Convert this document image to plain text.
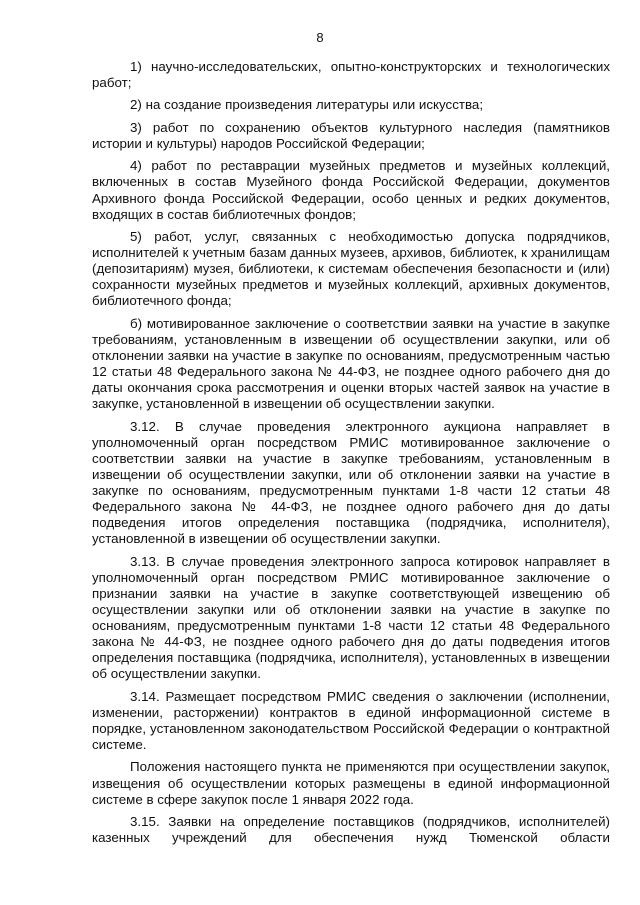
8

1) научно-исследовательских, опытно-конструкторских и технологических работ;

2) на создание произведения литературы или искусства;

3) работ по сохранению объектов культурного наследия (памятников истории и культуры) народов Российской Федерации;

4) работ по реставрации музейных предметов и музейных коллекций, включенных в состав Музейного фонда Российской Федерации, документов Архивного фонда Российской Федерации, особо ценных и редких документов, входящих в состав библиотечных фондов;

5) работ, услуг, связанных с необходимостью допуска подрядчиков, исполнителей к учетным базам данных музеев, архивов, библиотек, к хранилищам (депозитариям) музея, библиотеки, к системам обеспечения безопасности и (или) сохранности музейных предметов и музейных коллекций, архивных документов, библиотечного фонда;

б) мотивированное заключение о соответствии заявки на участие в закупке требованиям, установленным в извещении об осуществлении закупки, или об отклонении заявки на участие в закупке по основаниям, предусмотренным частью 12 статьи 48 Федерального закона № 44-ФЗ, не позднее одного рабочего дня до даты окончания срока рассмотрения и оценки вторых частей заявок на участие в закупке, установленной в извещении об осуществлении закупки.

3.12. В случае проведения электронного аукциона направляет в уполномоченный орган посредством РМИС мотивированное заключение о соответствии заявки на участие в закупке требованиям, установленным в извещении об осуществлении закупки, или об отклонении заявки на участие в закупке по основаниям, предусмотренным пунктами 1-8 части 12 статьи 48 Федерального закона № 44-ФЗ, не позднее одного рабочего дня до даты подведения итогов определения поставщика (подрядчика, исполнителя), установленной в извещении об осуществлении закупки.

3.13. В случае проведения электронного запроса котировок направляет в уполномоченный орган посредством РМИС мотивированное заключение о признании заявки на участие в закупке соответствующей извещению об осуществлении закупки или об отклонении заявки на участие в закупке по основаниям, предусмотренным пунктами 1-8 части 12 статьи 48 Федерального закона № 44-ФЗ, не позднее одного рабочего дня до даты подведения итогов определения поставщика (подрядчика, исполнителя), установленных в извещении об осуществлении закупки.

3.14. Размещает посредством РМИС сведения о заключении (исполнении, изменении, расторжении) контрактов в единой информационной системе в порядке, установленном законодательством Российской Федерации о контрактной системе.

Положения настоящего пункта не применяются при осуществлении закупок, извещения об осуществлении которых размещены в единой информационной системе в сфере закупок после 1 января 2022 года.

3.15. Заявки на определение поставщиков (подрядчиков, исполнителей) казенных учреждений для обеспечения нужд Тюменской области
